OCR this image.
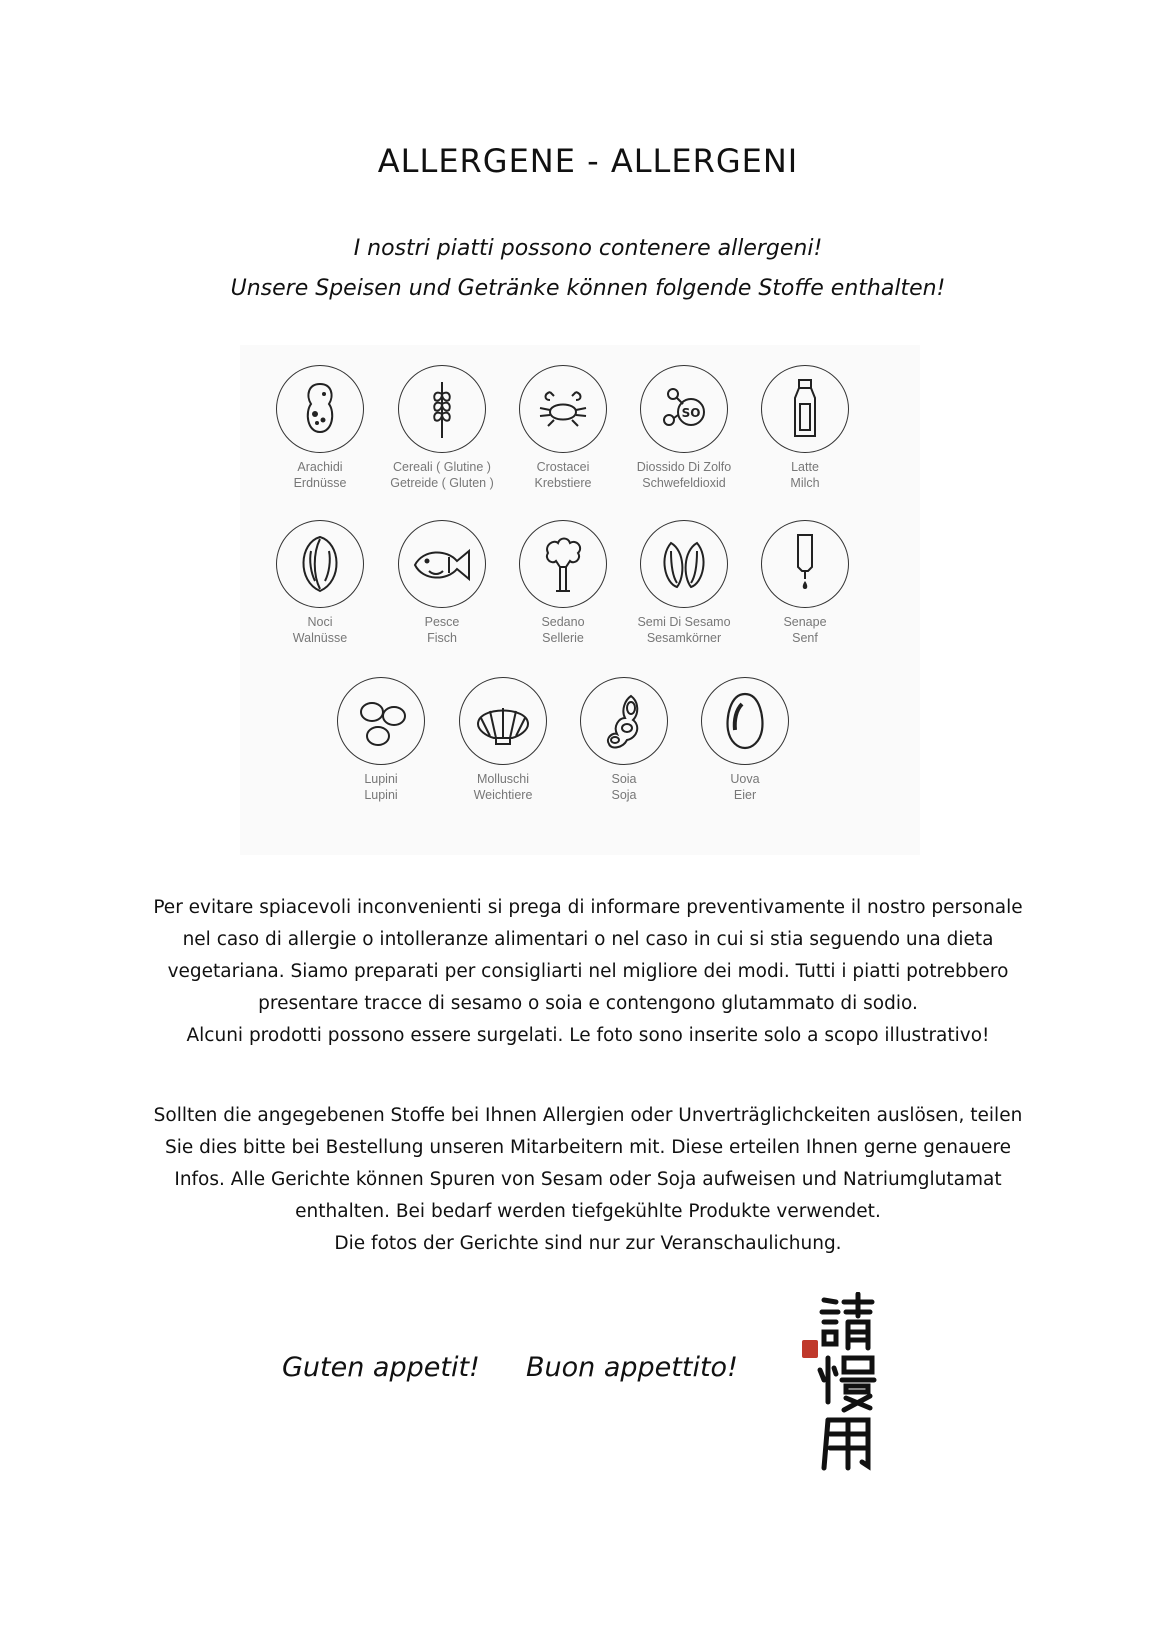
ALLERGENE - ALLERGENI

I nostri piatti possono contenere allergeni!

Unsere Speisen und Getränke können folgende Stoffe enthalten!

Arachidi
Erdnüsse
Cereali ( Glutine )
Getreide ( Gluten )
Crostacei
Krebstiere
SO
Diossido Di Zolfo
Schwefeldioxid
Latte
Milch
Noci
Walnüsse
Pesce
Fisch
Sedano
Sellerie
Semi Di Sesamo
Sesamkörner
Senape
Senf
Lupini
Lupini
Molluschi
Weichtiere
Soia
Soja
Uova
Eier

Per evitare spiacevoli inconvenienti si prega di informare preventivamente il nostro personale
nel caso di allergie o intolleranze alimentari o nel caso in cui si stia seguendo una dieta
vegetariana. Siamo preparati per consigliarti nel migliore dei modi. Tutti i piatti potrebbero
presentare tracce di sesamo o soia e contengono glutammato di sodio.
Alcuni prodotti possono essere surgelati. Le foto sono inserite solo a scopo illustrativo!

Sollten die angegebenen Stoffe bei Ihnen Allergien oder Unverträglichckeiten auslösen, teilen
Sie dies bitte bei Bestellung unseren Mitarbeitern mit. Diese erteilen Ihnen gerne genauere
Infos. Alle Gerichte können Spuren von Sesam oder Soja aufweisen und Natriumglutamat
enthalten. Bei bedarf werden tiefgekühlte Produkte verwendet.
Die fotos der Gerichte sind nur zur Veranschaulichung.

Guten appetit! Buon appettito!
